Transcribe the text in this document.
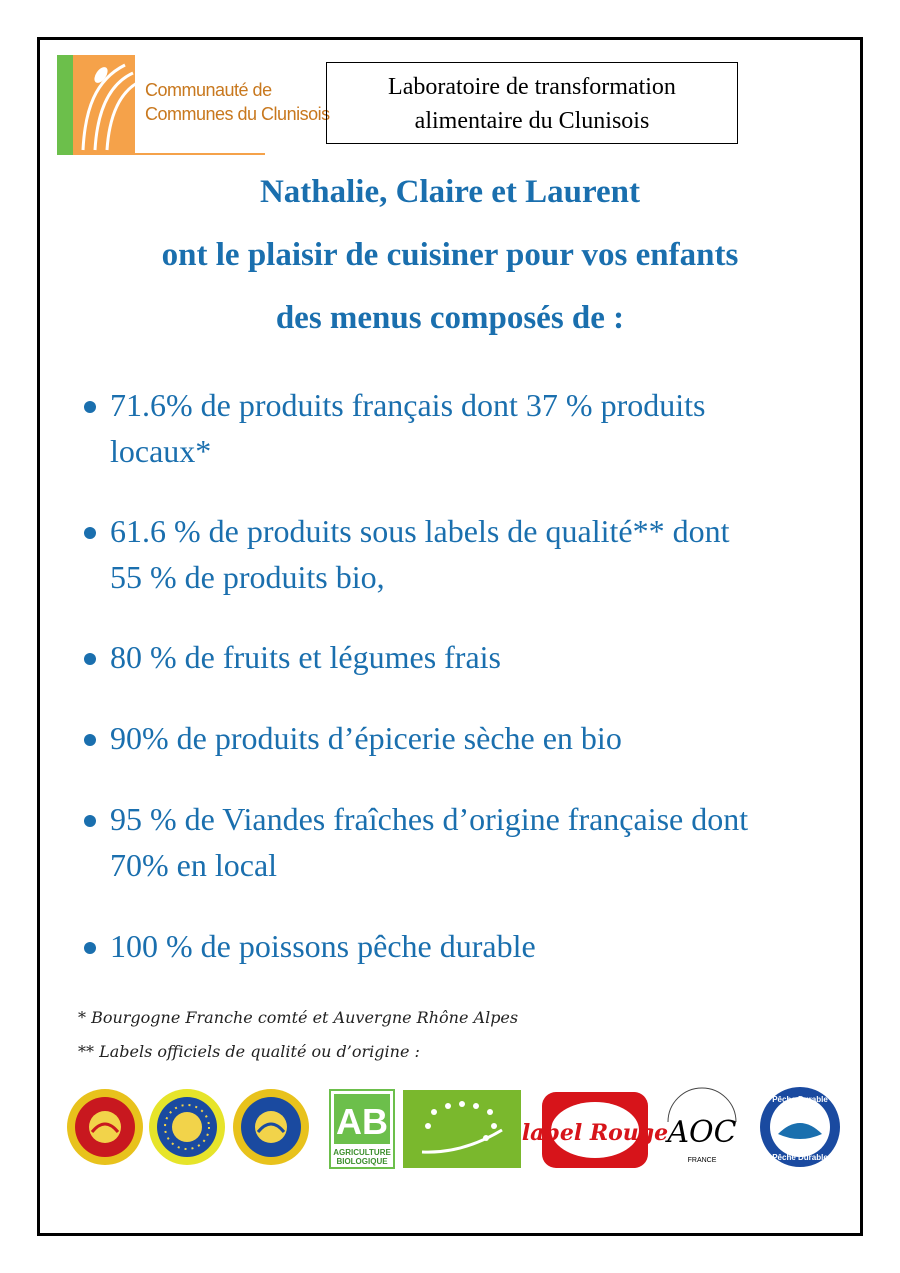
Communauté de
Communes du Clunisois
Laboratoire de transformation
alimentaire du Clunisois
Nathalie, Claire et Laurent
ont le plaisir de cuisiner pour vos enfants
des menus composés de :
71.6% de produits français dont 37 % produits
locaux*
61.6 % de produits sous labels de qualité** dont
55 % de produits bio,
80 % de fruits et légumes frais
90% de produits d’épicerie sèche en bio
95 % de Viandes fraîches d’origine française dont
70% en local
100 % de poissons pêche durable
* Bourgogne Franche comté et Auvergne Rhône Alpes
** Labels officiels de qualité ou d’origine :
AB
AGRICULTURE
BIOLOGIQUE
label Rouge AOC
FRANCE
Pêche Durable
Pêche Durable
